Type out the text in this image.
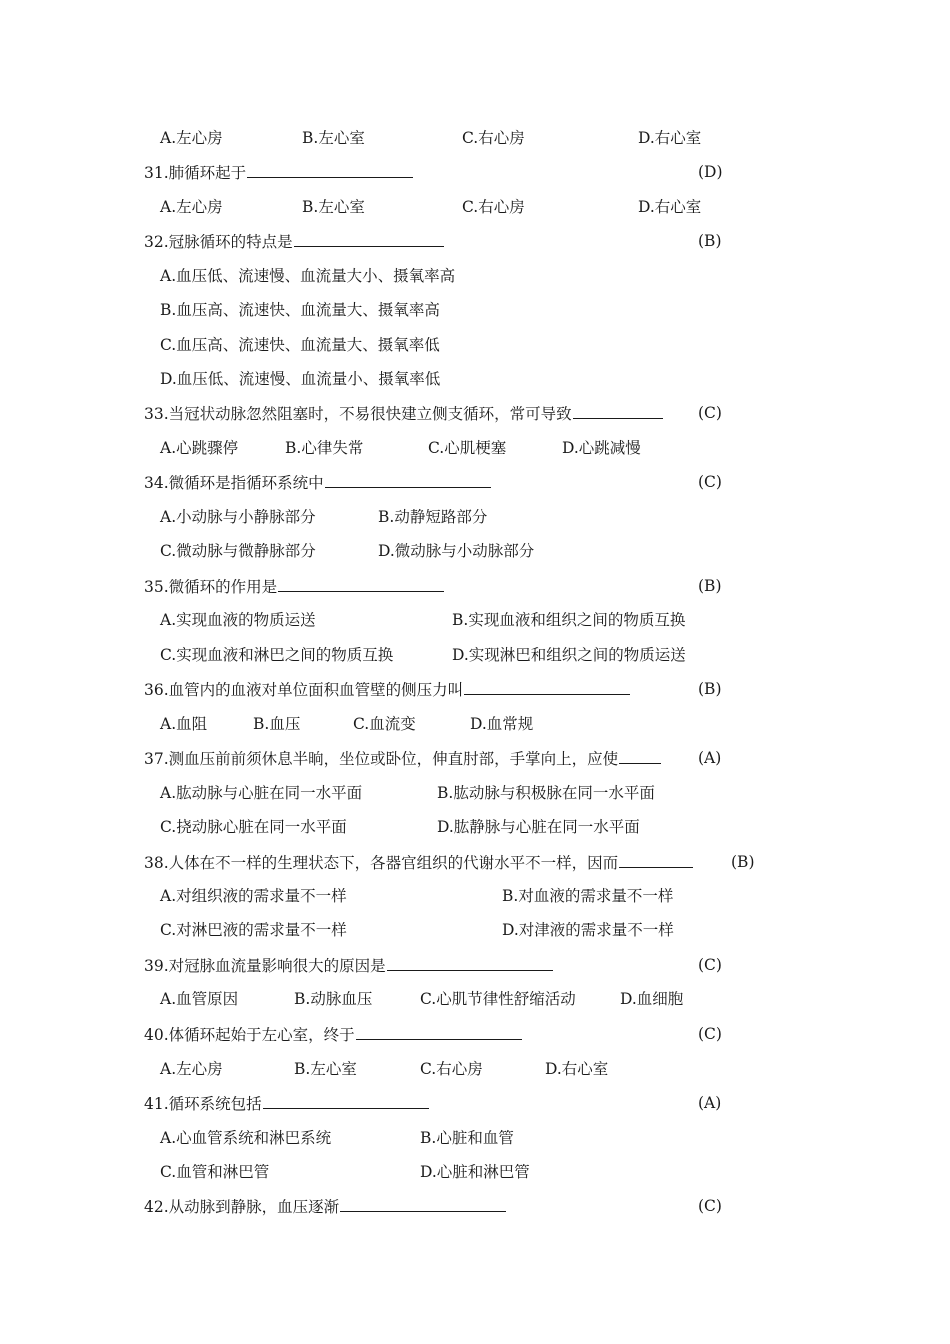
A.左心房	B.左心室	C.右心房	D.右心室
31.肺循环起于	(D)
A.左心房	B.左心室	C.右心房	D.右心室
32.冠脉循环的特点是	(B)
A.血压低、流速慢、血流量大小、摄氧率高
B.血压高、流速快、血流量大、摄氧率高
C.血压高、流速快、血流量大、摄氧率低
D.血压低、流速慢、血流量小、摄氧率低
33.当冠状动脉忽然阻塞时，不易很快建立侧支循环，常可导致	(C)
A.心跳骤停	B.心律失常	C.心肌梗塞	D.心跳减慢
34.微循环是指循环系统中	(C)
A.小动脉与小静脉部分	B.动静短路部分
C.微动脉与微静脉部分	D.微动脉与小动脉部分
35.微循环的作用是	(B)
A.实现血液的物质运送	B.实现血液和组织之间的物质互换
C.实现血液和淋巴之间的物质互换	D.实现淋巴和组织之间的物质运送
36.血管内的血液对单位面积血管壁的侧压力叫	(B)
A.血阻	B.血压	C.血流变	D.血常规
37.测血压前前须休息半晌，坐位或卧位，伸直肘部，手掌向上，应使	(A)
A.肱动脉与心脏在同一水平面	B.肱动脉与积极脉在同一水平面
C.挠动脉心脏在同一水平面	D.肱静脉与心脏在同一水平面
38.人体在不一样的生理状态下，各器官组织的代谢水平不一样，因而	(B)
A.对组织液的需求量不一样	B.对血液的需求量不一样
C.对淋巴液的需求量不一样	D.对津液的需求量不一样
39.对冠脉血流量影响很大的原因是	(C)
A.血管原因	B.动脉血压	C.心肌节律性舒缩活动	D.血细胞
40.体循环起始于左心室，终于	(C)
A.左心房	B.左心室	C.右心房	D.右心室
41.循环系统包括	(A)
A.心血管系统和淋巴系统	B.心脏和血管
C.血管和淋巴管	D.心脏和淋巴管
42.从动脉到静脉，血压逐渐	(C)
